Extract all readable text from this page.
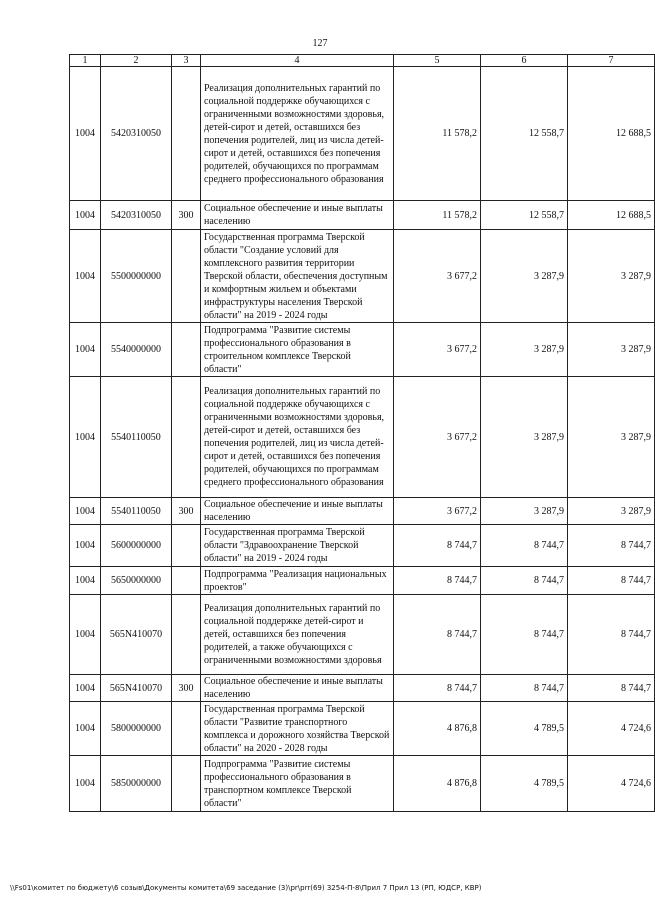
127
1	2	3	4	5	6	7
1004	5420310050		Реализация дополнительных гарантий по социальной поддержке обучающихся с ограниченными возможностями здоровья, детей-сирот и детей, оставшихся без попечения родителей, лиц из числа детей-сирот и детей, оставшихся без попечения родителей, обучающихся по программам среднего профессионального образования	11 578,2	12 558,7	12 688,5
1004	5420310050	300	Социальное обеспечение и иные выплаты населению	11 578,2	12 558,7	12 688,5
1004	5500000000		Государственная программа Тверской области "Создание условий для комплексного развития территории Тверской области, обеспечения доступным и комфортным жильем и объектами инфраструктуры населения Тверской области" на 2019 - 2024 годы	3 677,2	3 287,9	3 287,9
1004	5540000000		Подпрограмма "Развитие системы профессионального образования в строительном комплексе Тверской области"	3 677,2	3 287,9	3 287,9
1004	5540110050		Реализация дополнительных гарантий по социальной поддержке обучающихся с ограниченными возможностями здоровья, детей-сирот и детей, оставшихся без попечения родителей, лиц из числа детей-сирот и детей, оставшихся без попечения родителей, обучающихся по программам среднего профессионального образования	3 677,2	3 287,9	3 287,9
1004	5540110050	300	Социальное обеспечение и иные выплаты населению	3 677,2	3 287,9	3 287,9
1004	5600000000		Государственная программа Тверской области "Здравоохранение Тверской области" на 2019 - 2024 годы	8 744,7	8 744,7	8 744,7
1004	5650000000		Подпрограмма "Реализация национальных проектов"	8 744,7	8 744,7	8 744,7
1004	565N410070		Реализация дополнительных гарантий по социальной поддержке детей-сирот и детей, оставшихся без попечения родителей, а также обучающихся с ограниченными возможностями здоровья	8 744,7	8 744,7	8 744,7
1004	565N410070	300	Социальное обеспечение и иные выплаты населению	8 744,7	8 744,7	8 744,7
1004	5800000000		Государственная программа Тверской области "Развитие транспортного комплекса и дорожного хозяйства Тверской области" на 2020 - 2028 годы	4 876,8	4 789,5	4 724,6
1004	5850000000		Подпрограмма "Развитие системы профессионального образования в транспортном комплексе Тверской области"	4 876,8	4 789,5	4 724,6
\\Fs01\комитет по бюджету\6 созыв\Документы комитета\69 заседание (3)\pr\prr(69) 3254-П-8\Прил 7 Прил 13 (РП, ЮДСР, КВР)
